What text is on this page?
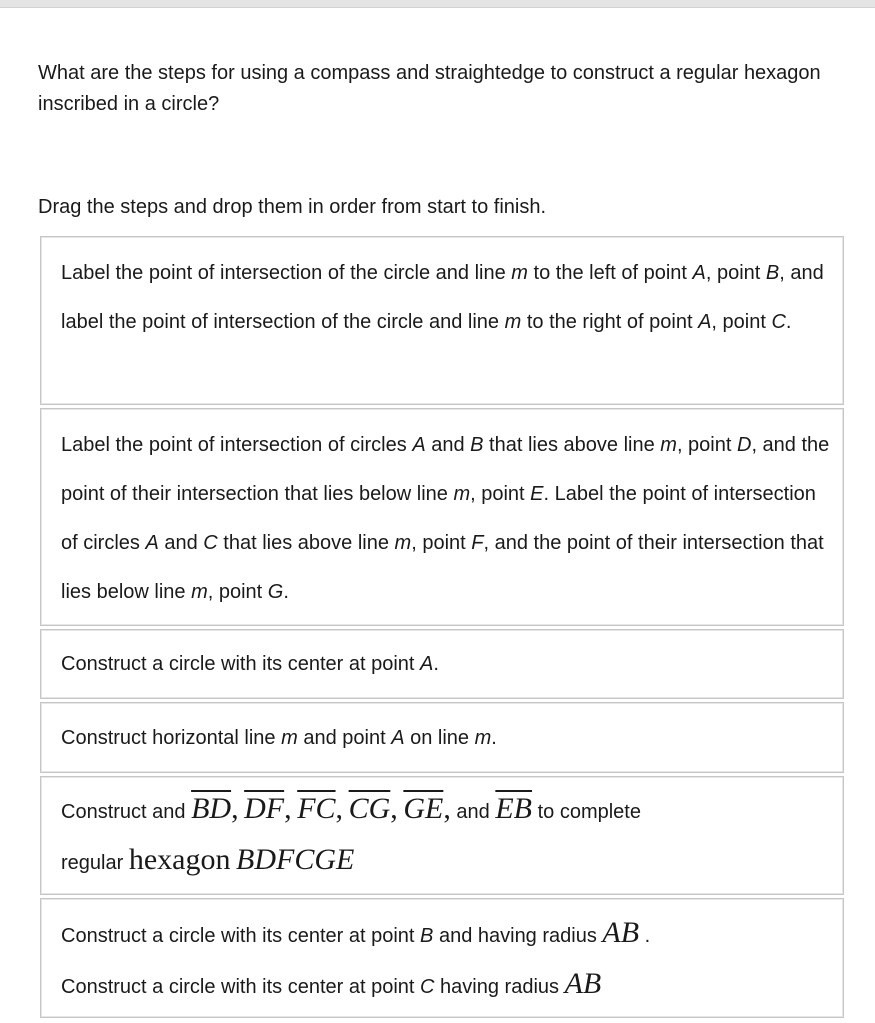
What are the steps for using a compass and straightedge to construct a regular hexagon inscribed in a circle?
Drag the steps and drop them in order from start to finish.
Label the point of intersection of the circle and line m to the left of point A, point B, and label the point of intersection of the circle and line m to the right of point A, point C.
Label the point of intersection of circles A and B that lies above line m, point D, and the point of their intersection that lies below line m, point E. Label the point of intersection of circles A and C that lies above line m, point F, and the point of their intersection that lies below line m, point G.
Construct a circle with its center at point A.
Construct horizontal line m and point A on line m.
Construct and $\overline{BD}$, $\overline{DF}$, $\overline{FC}$, $\overline{CG}$, $\overline{GE}$, and $\overline{EB}$ to complete
regular hexagon BDFCGE
Construct a circle with its center at point B and having radius AB .
Construct a circle with its center at point C having radius AB
